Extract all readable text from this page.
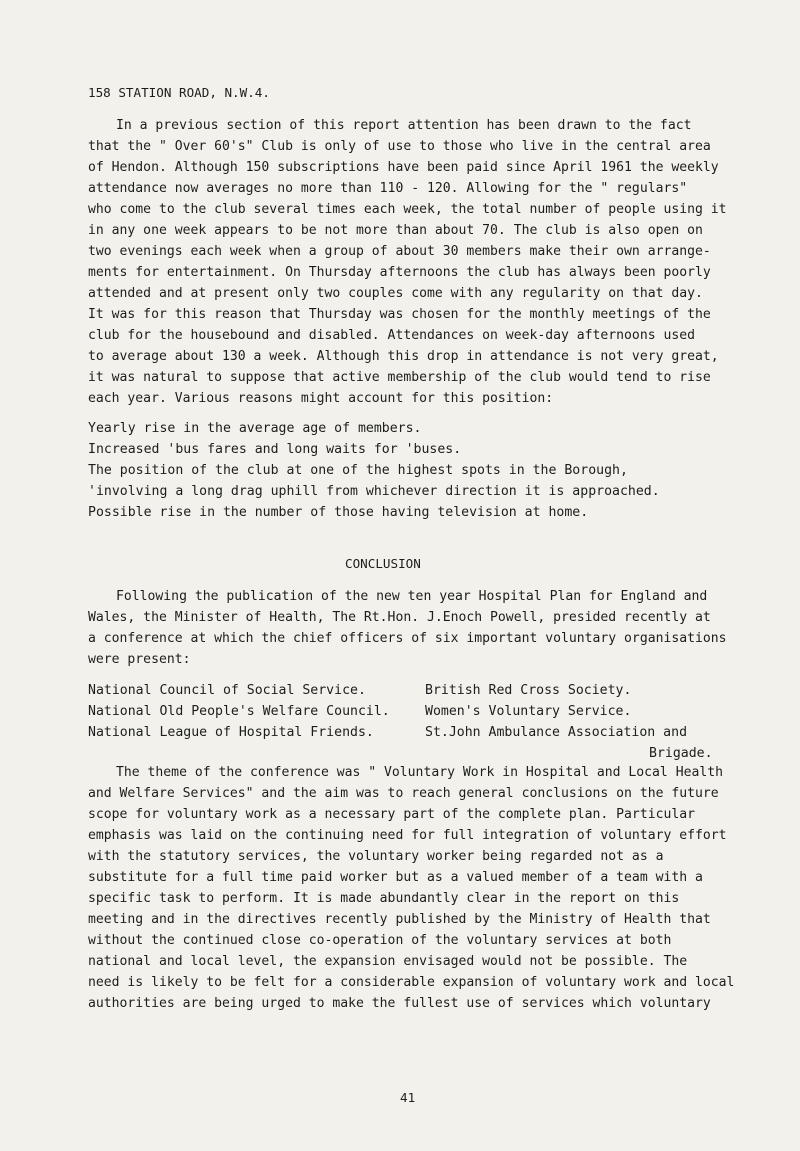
158 STATION ROAD, N.W.4.
In a previous section of this report attention has been drawn to the fact
that the " Over 60's" Club is only of use to those who live in the central area
of Hendon. Although 150 subscriptions have been paid since April 1961 the weekly
attendance now averages no more than 110 - 120. Allowing for the " regulars"
who come to the club several times each week, the total number of people using it
in any one week appears to be not more than about 70. The club is also open on
two evenings each week when a group of about 30 members make their own arrange-
ments for entertainment. On Thursday afternoons the club has always been poorly
attended and at present only two couples come with any regularity on that day.
It was for this reason that Thursday was chosen for the monthly meetings of the
club for the housebound and disabled. Attendances on week-day afternoons used
to average about 130 a week. Although this drop in attendance is not very great,
it was natural to suppose that active membership of the club would tend to rise
each year. Various reasons might account for this position:
Yearly rise in the average age of members.
Increased 'bus fares and long waits for 'buses.
The position of the club at one of the highest spots in the Borough,
'involving a long drag uphill from whichever direction it is approached.
Possible rise in the number of those having television at home.
CONCLUSION
Following the publication of the new ten year Hospital Plan for England and
Wales, the Minister of Health, The Rt.Hon. J.Enoch Powell, presided recently at
a conference at which the chief officers of six important voluntary organisations
were present:
National Council of Social Service.
National Old People's Welfare Council.
National League of Hospital Friends.
British Red Cross Society.
Women's Voluntary Service.
St.John Ambulance Association and
Brigade.
The theme of the conference was " Voluntary Work in Hospital and Local Health
and Welfare Services" and the aim was to reach general conclusions on the future
scope for voluntary work as a necessary part of the complete plan. Particular
emphasis was laid on the continuing need for full integration of voluntary effort
with the statutory services, the voluntary worker being regarded not as a
substitute for a full time paid worker but as a valued member of a team with a
specific task to perform. It is made abundantly clear in the report on this
meeting and in the directives recently published by the Ministry of Health that
without the continued close co-operation of the voluntary services at both
national and local level, the expansion envisaged would not be possible. The
need is likely to be felt for a considerable expansion of voluntary work and local
authorities are being urged to make the fullest use of services which voluntary
41
